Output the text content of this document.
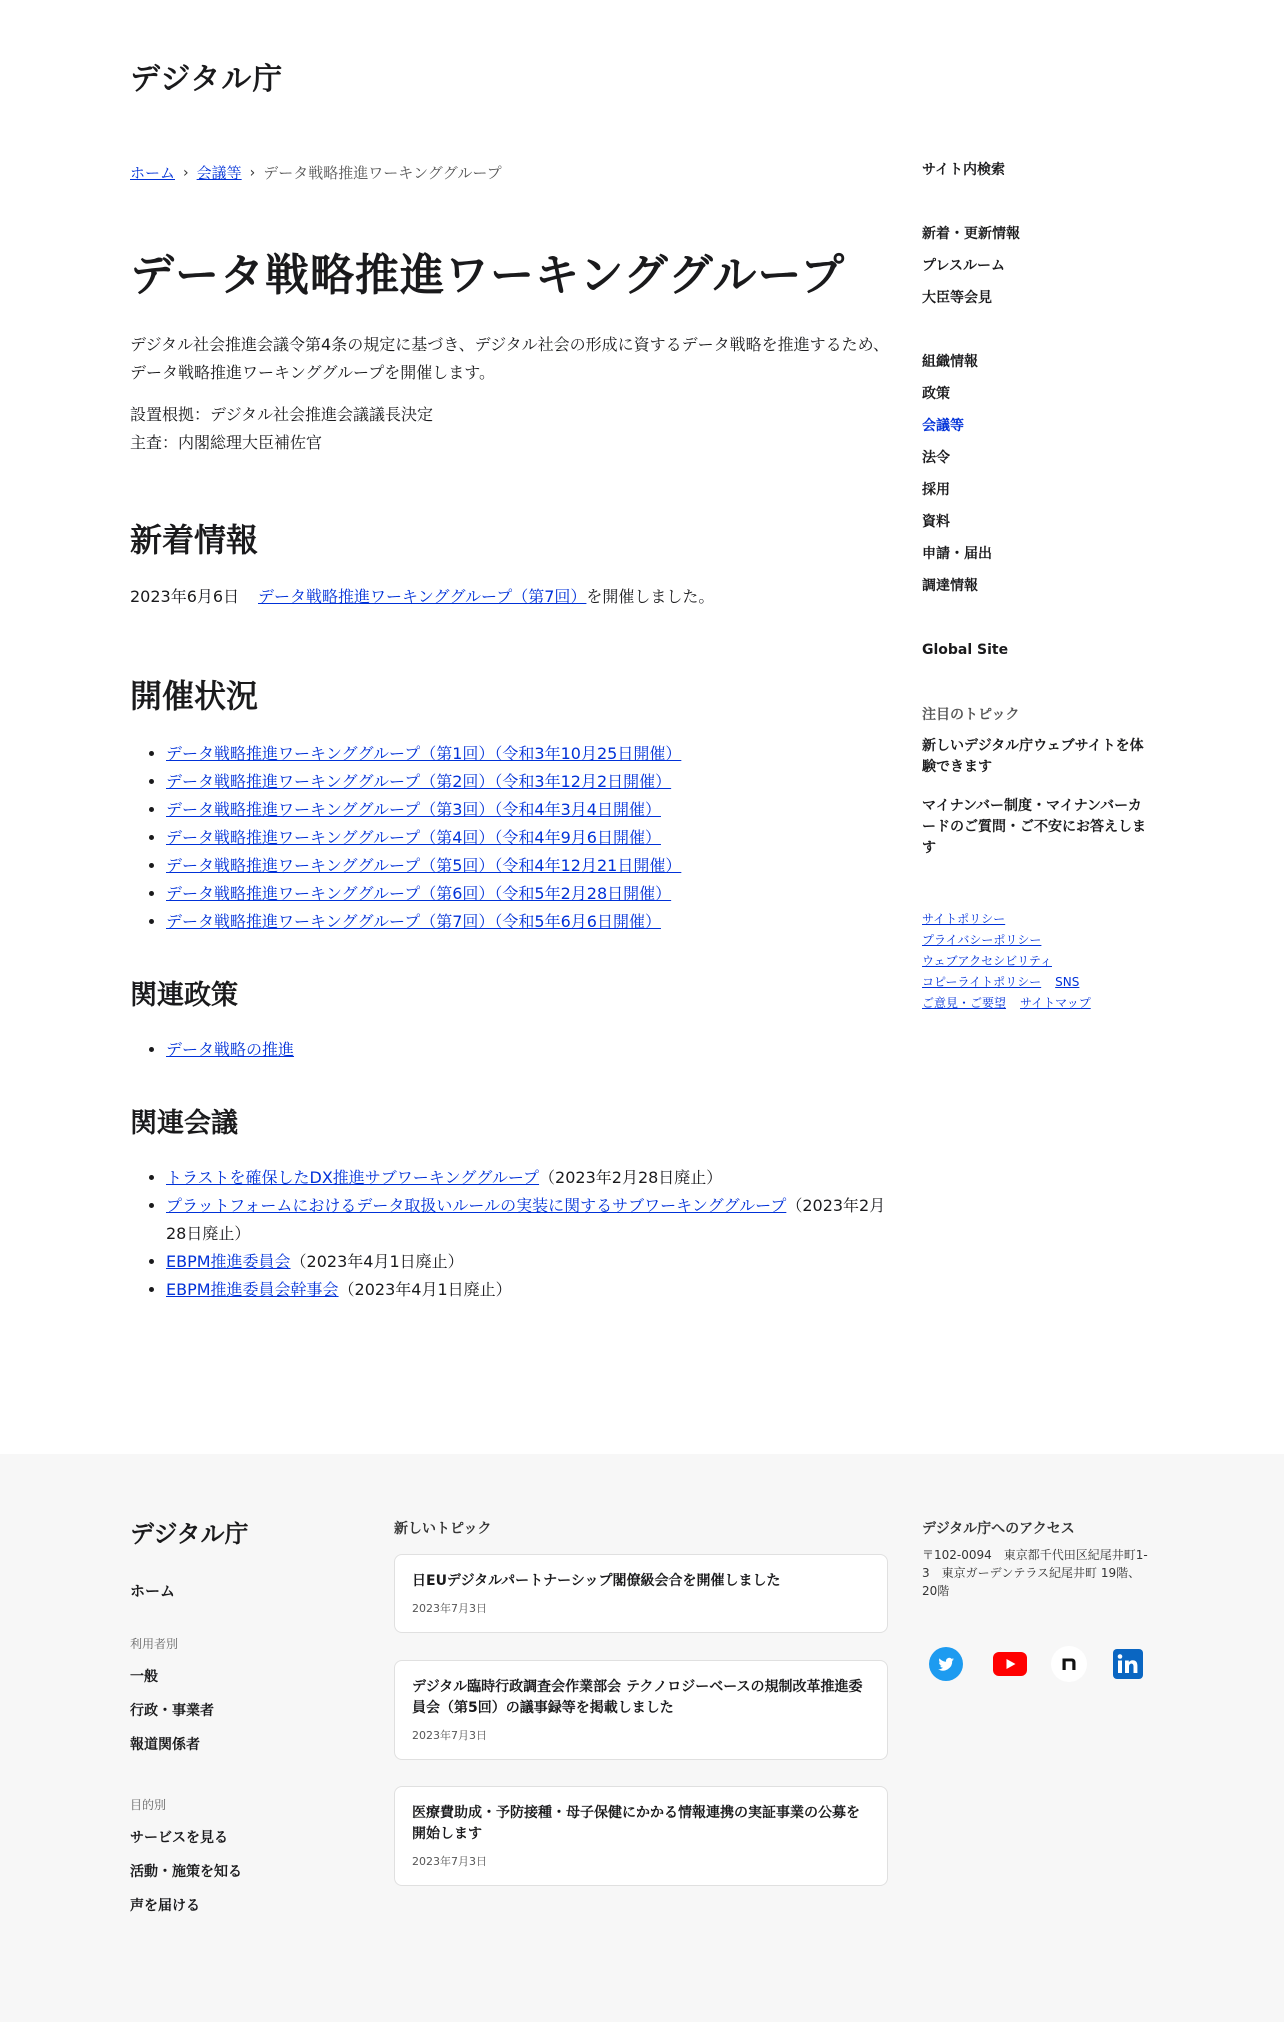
デジタル庁
ホーム › 会議等 › データ戦略推進ワーキンググループ
データ戦略推進ワーキンググループ

デジタル社会推進会議令第4条の規定に基づき、デジタル社会の形成に資するデータ戦略を推進するため、データ戦略推進ワーキンググループを開催します。

設置根拠：デジタル社会推進会議議長決定

主査：内閣総理大臣補佐官

新着情報
2023年6月6日	データ戦略推進ワーキンググループ（第7回） を開催しました。
開催状況
• データ戦略推進ワーキンググループ（第1回）（令和3年10月25日開催）
• データ戦略推進ワーキンググループ（第2回）（令和3年12月2日開催）
• データ戦略推進ワーキンググループ（第3回）（令和4年3月4日開催）
• データ戦略推進ワーキンググループ（第4回）（令和4年9月6日開催）
• データ戦略推進ワーキンググループ（第5回）（令和4年12月21日開催）
• データ戦略推進ワーキンググループ（第6回）（令和5年2月28日開催）
• データ戦略推進ワーキンググループ（第7回）（令和5年6月6日開催）
関連政策
• データ戦略の推進
関連会議
• トラストを確保したDX推進サブワーキンググループ（2023年2月28日廃止）
• プラットフォームにおけるデータ取扱いルールの実装に関するサブワーキンググループ（2023年2月28日廃止）
• EBPM推進委員会（2023年4月1日廃止）
• EBPM推進委員会幹事会（2023年4月1日廃止）
サイト内検索
新着・更新情報
プレスルーム
大臣等会見
組織情報
政策
会議等
法令
採用
資料
申請・届出
調達情報
Global Site
注目のトピック
新しいデジタル庁ウェブサイトを体験できます
マイナンバー制度・マイナンバーカードのご質問・ご不安にお答えします
サイトポリシー
プライバシーポリシー
ウェブアクセシビリティ
コピーライトポリシー SNS
ご意見・ご要望 サイトマップ
デジタル庁
ホーム
利用者別
一般
行政・事業者
報道関係者
目的別
サービスを見る
活動・施策を知る
声を届ける
新しいトピック
日EUデジタルパートナーシップ閣僚級会合を開催しました
2023年7月3日
デジタル臨時行政調査会作業部会 テクノロジーベースの規制改革推進委員会（第5回）の議事録等を掲載しました
2023年7月3日
医療費助成・予防接種・母子保健にかかる情報連携の実証事業の公募を開始します
2023年7月3日
デジタル庁へのアクセス
〒102-0094　東京都千代田区紀尾井町1-3　東京ガーデンテラス紀尾井町 19階、20階
